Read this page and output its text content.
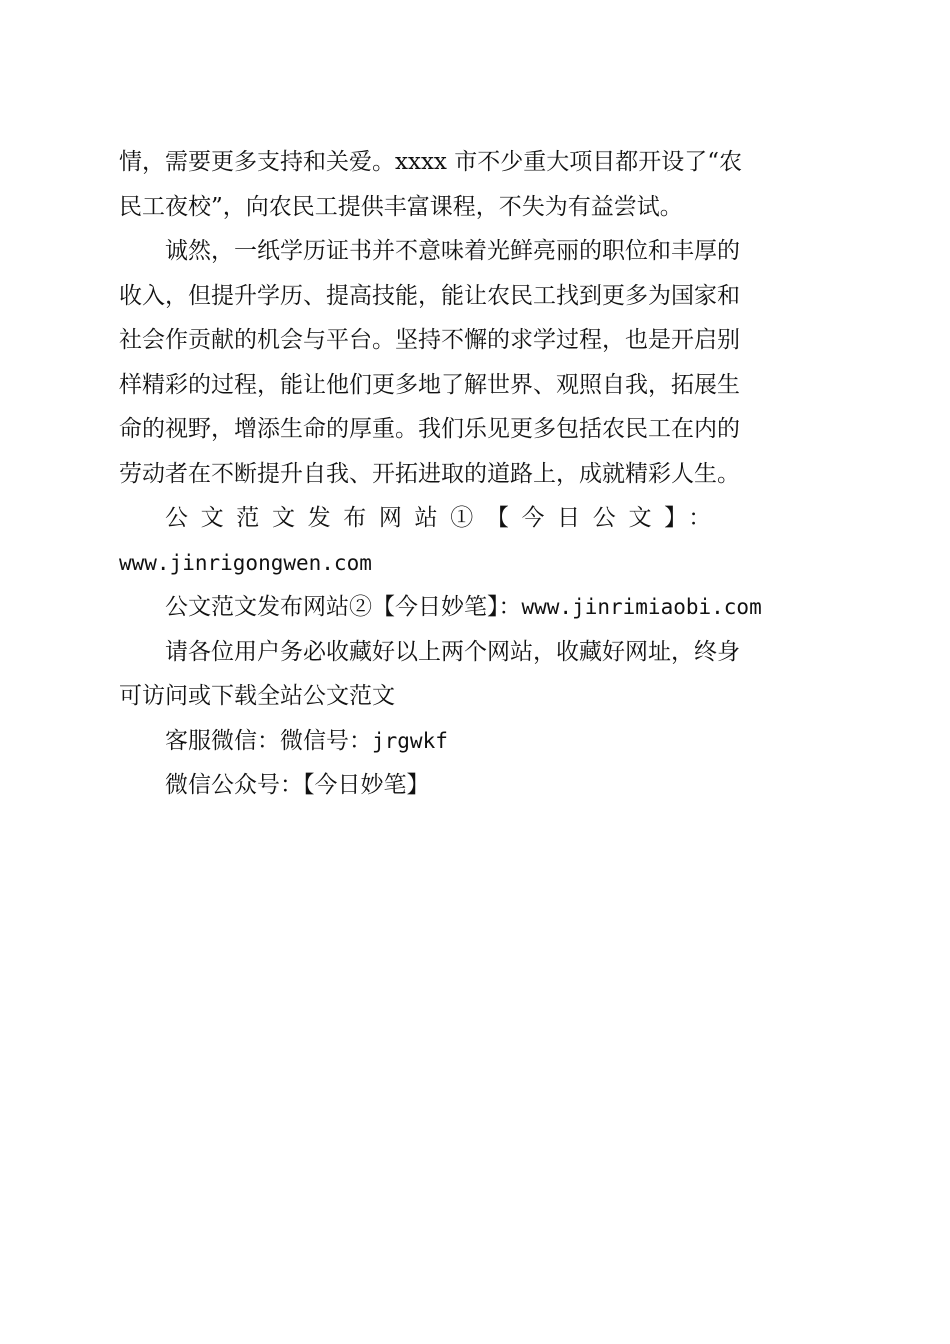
情，需要更多支持和关爱。xxxx 市不少重大项目都开设了“农
民工夜校”，向农民工提供丰富课程，不失为有益尝试。

诚然，一纸学历证书并不意味着光鲜亮丽的职位和丰厚的
收入，但提升学历、提高技能，能让农民工找到更多为国家和
社会作贡献的机会与平台。坚持不懈的求学过程，也是开启别
样精彩的过程，能让他们更多地了解世界、观照自我，拓展生
命的视野，增添生命的厚重。我们乐见更多包括农民工在内的
劳动者在不断提升自我、开拓进取的道路上，成就精彩人生。

公文范文发布网站①【今日公文】：
www.jinrigongwen.com

公文范文发布网站②【今日妙笔】：www.jinrimiaobi.com

请各位用户务必收藏好以上两个网站，收藏好网址，终身
可访问或下载全站公文范文

客服微信：微信号：jrgwkf

微信公众号：【今日妙笔】
